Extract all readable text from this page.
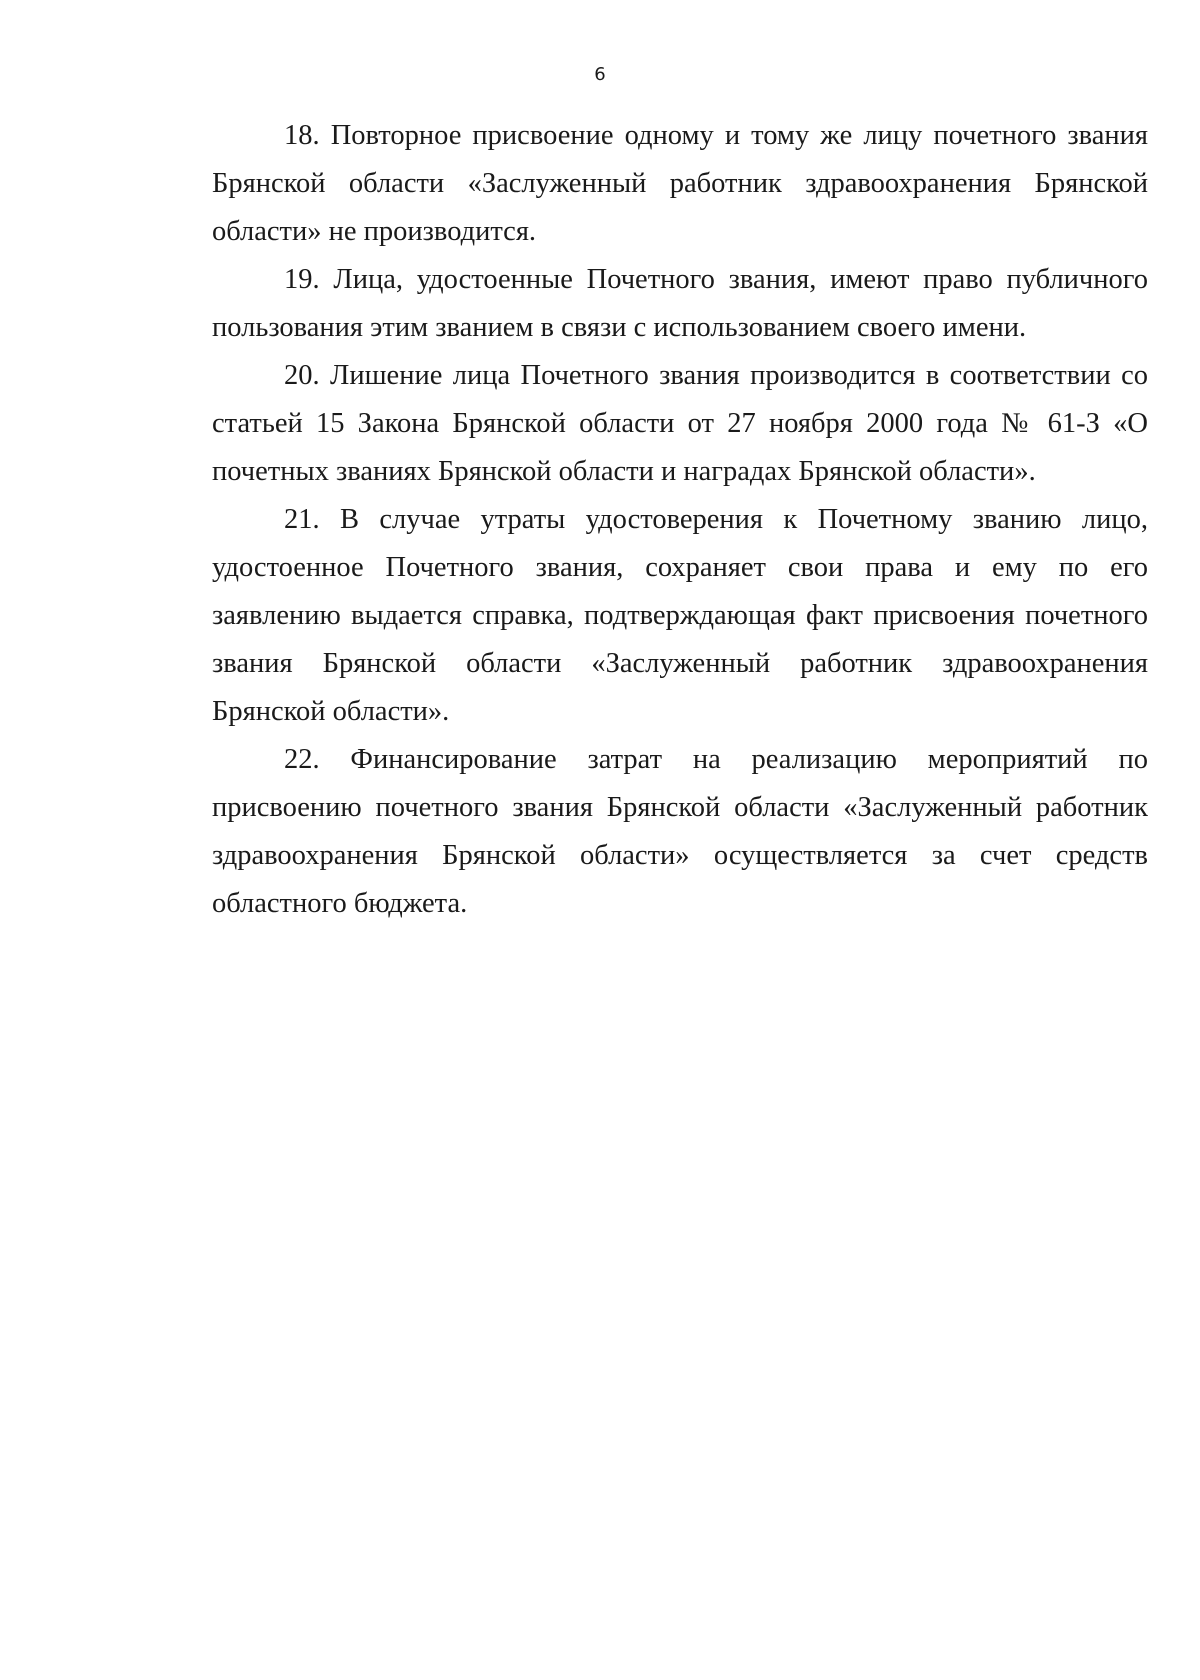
6

18. Повторное присвоение одному и тому же лицу почетного звания Брянской области «Заслуженный работник здравоохранения Брянской области» не производится.

19. Лица, удостоенные Почетного звания, имеют право публичного пользования этим званием в связи с использованием своего имени.

20. Лишение лица Почетного звания производится в соответствии со статьей 15 Закона Брянской области от 27 ноября 2000 года № 61-З «О почетных званиях Брянской области и наградах Брянской области».

21. В случае утраты удостоверения к Почетному званию лицо, удостоенное Почетного звания, сохраняет свои права и ему по его заявлению выдается справка, подтверждающая факт присвоения почетного звания Брянской области «Заслуженный работник здравоохранения Брянской области».

22. Финансирование затрат на реализацию мероприятий по присвоению почетного звания Брянской области «Заслуженный работник здравоохранения Брянской области» осуществляется за счет средств областного бюджета.
